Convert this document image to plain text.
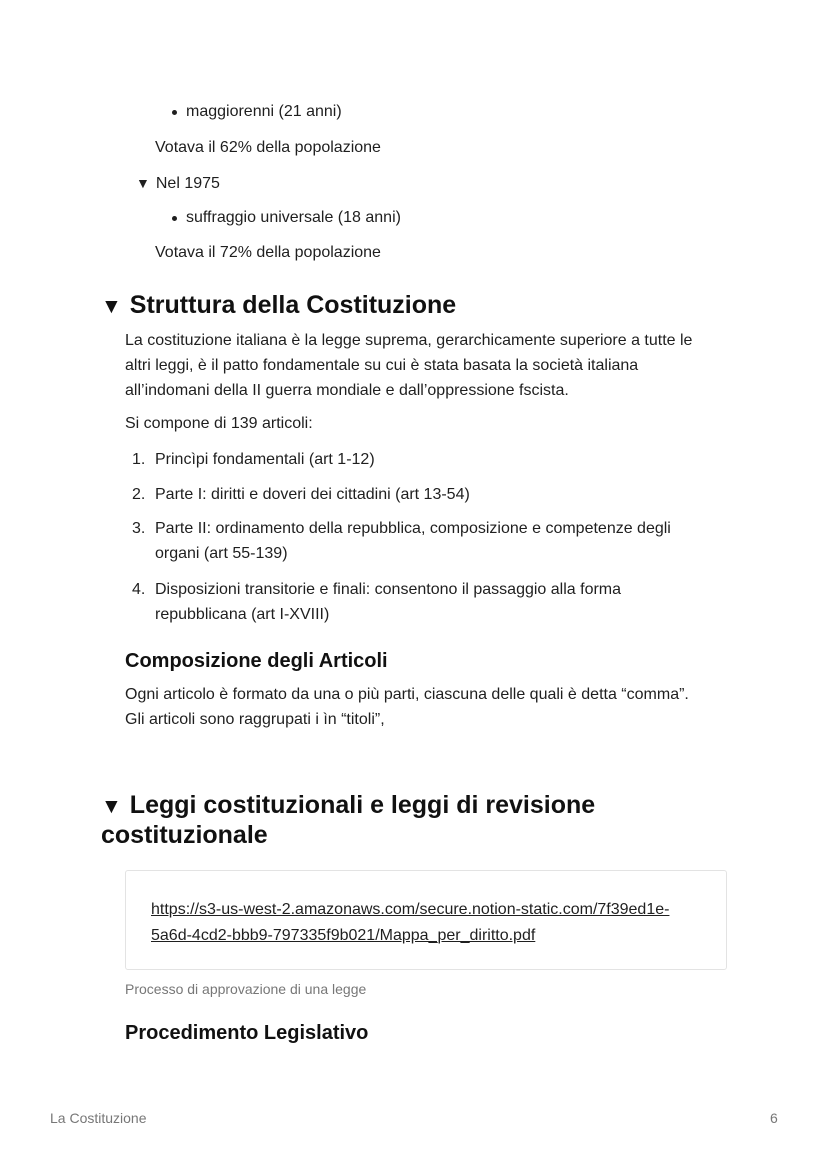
maggiorenni (21 anni)
Votava il 62% della popolazione
▼ Nel 1975
suffraggio universale (18 anni)
Votava il 72% della popolazione
▼ Struttura della Costituzione
La costituzione italiana è la legge suprema, gerarchicamente superiore a tutte le
altri leggi, è il patto fondamentale su cui è stata basata la società italiana
all’indomani della II guerra mondiale e dall’oppressione fscista.
Si compone di 139 articoli:
1. Princìpi fondamentali (art 1-12)
2. Parte I: diritti e doveri dei cittadini (art 13-54)
3. Parte II: ordinamento della repubblica, composizione e competenze degli
organi (art 55-139)
4. Disposizioni transitorie e finali: consentono il passaggio alla forma
repubblicana (art I-XVIII)
Composizione degli Articoli
Ogni articolo è formato da una o più parti, ciascuna delle quali è detta “comma”.
Gli articoli sono raggrupati i ìn “titoli”,
▼ Leggi costituzionali e leggi di revisione
costituzionale
https://s3-us-west-2.amazonaws.com/secure.notion-static.com/7f39ed1e-
5a6d-4cd2-bbb9-797335f9b021/Mappa_per_diritto.pdf
Processo di approvazione di una legge
Procedimento Legislativo
La Costituzione	6
